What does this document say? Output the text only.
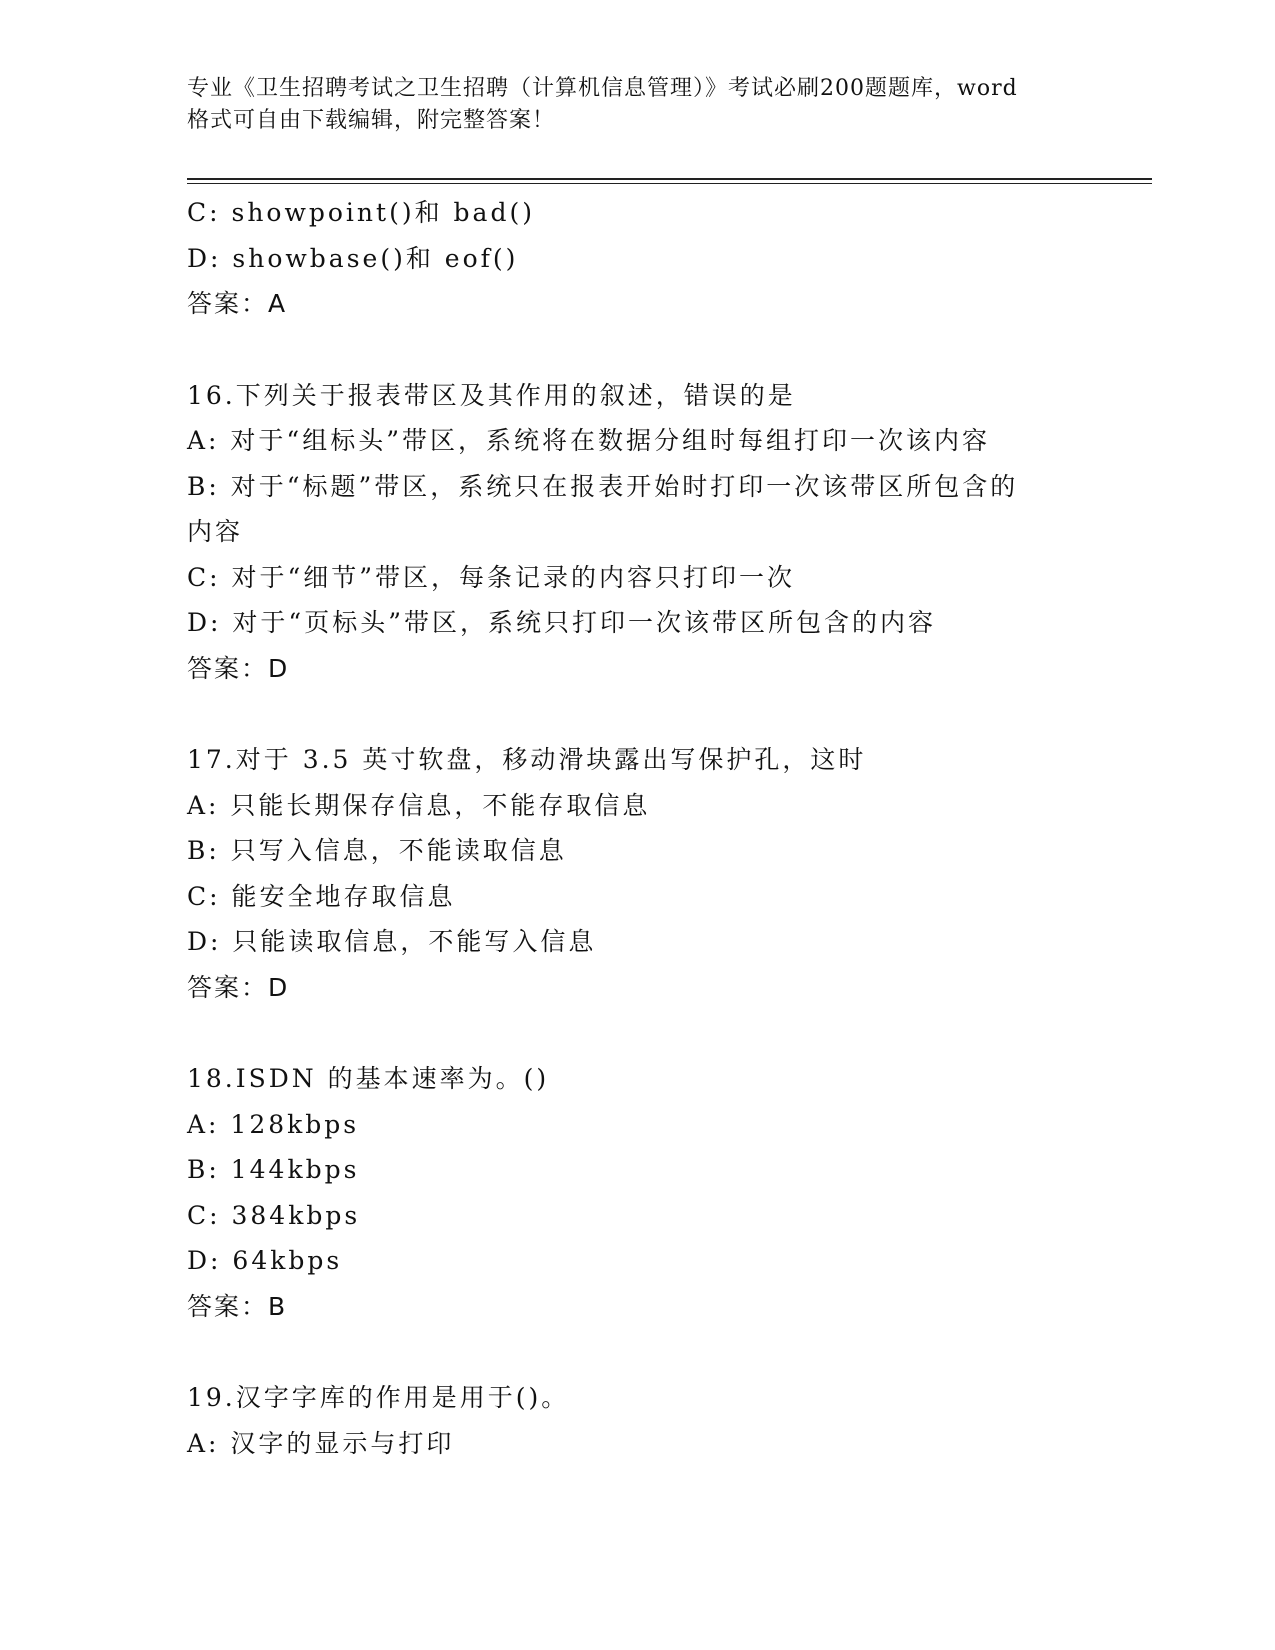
专业《卫生招聘考试之卫生招聘（计算机信息管理）》考试必刷200题题库，word
格式可自由下载编辑，附完整答案！
C: showpoint()和 bad()
D: showbase()和 eof()
答案：A
16.下列关于报表带区及其作用的叙述，错误的是
A: 对于“组标头”带区，系统将在数据分组时每组打印一次该内容
B: 对于“标题”带区，系统只在报表开始时打印一次该带区所包含的
内容
C: 对于“细节”带区，每条记录的内容只打印一次
D: 对于“页标头”带区，系统只打印一次该带区所包含的内容
答案：D
17.对于 3.5 英寸软盘，移动滑块露出写保护孔，这时
A: 只能长期保存信息，不能存取信息
B: 只写入信息，不能读取信息
C: 能安全地存取信息
D: 只能读取信息，不能写入信息
答案：D
18.ISDN 的基本速率为。()
A: 128kbps
B: 144kbps
C: 384kbps
D: 64kbps
答案：B
19.汉字字库的作用是用于()。
A: 汉字的显示与打印
